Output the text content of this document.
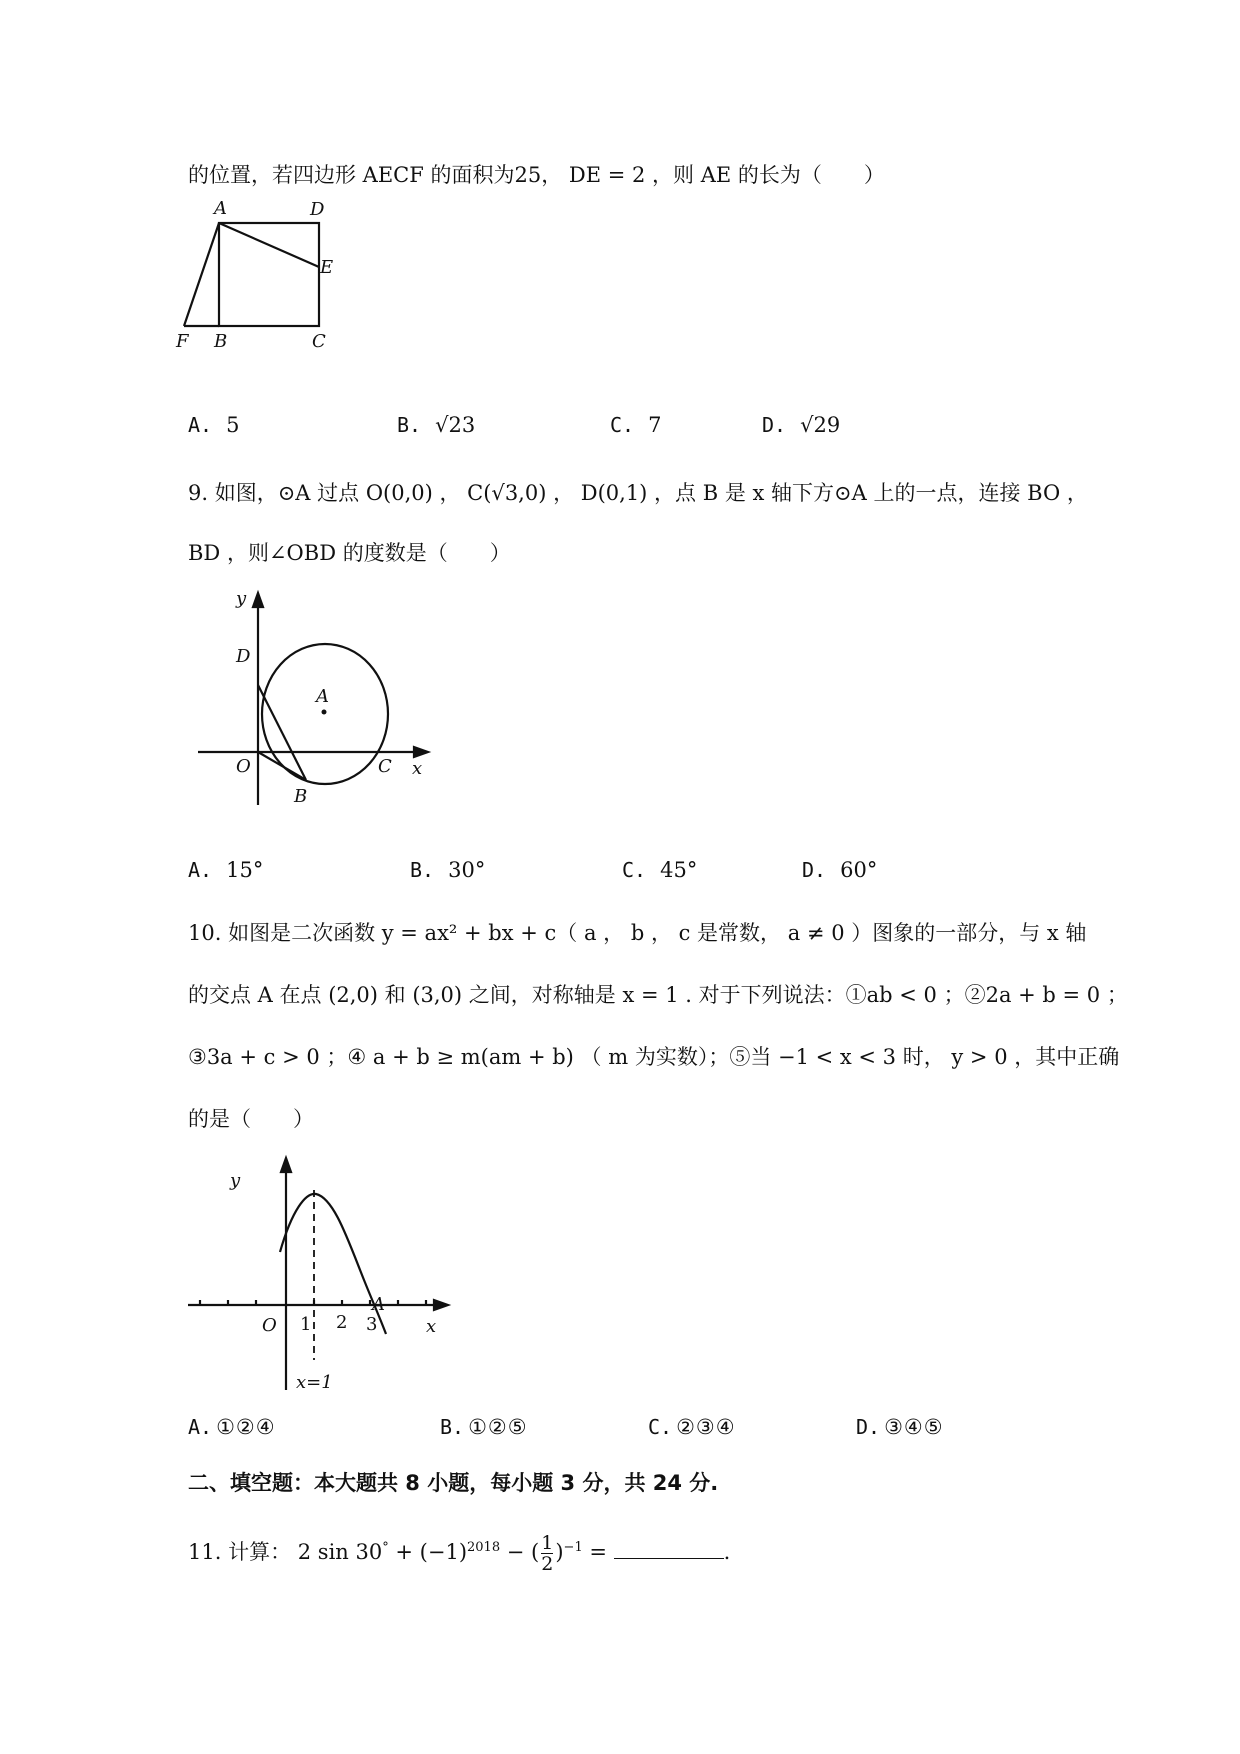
的位置，若四边形 AECF 的面积为25， DE = 2 ，则 AE 的长为（　　）
A	D
E
F B	C
A. 5	B. √23	C. 7	D. √29
9. 如图，⊙A 过点 O(0,0) ， C(√3,0) ， D(0,1) ，点 B 是 x 轴下方⊙A 上的一点，连接 BO ，
BD ，则∠OBD 的度数是（　　）
y
D
A
O	C x
B
A. 15°	B. 30°	C. 45°	D. 60°
10. 如图是二次函数 y = ax² + bx + c（ a ， b ， c 是常数， a ≠ 0 ）图象的一部分，与 x 轴
的交点 A 在点 (2,0) 和 (3,0) 之间，对称轴是 x = 1 . 对于下列说法：①ab < 0 ；②2a + b = 0 ；
③3a + c > 0 ；④ a + b ≥ m(am + b) （ m 为实数）；⑤当 −1 < x < 3 时， y > 0 ，其中正确
的是（　　）
y
O 1 2 3
A
x
x=1
A. ①②④	B. ①②⑤	C. ②③④	D. ③④⑤
二、填空题：本大题共 8 小题，每小题 3 分，共 24 分.
11. 计算： 2 $\sin 30^\circ + (-1)^{2018}$ − ( $\frac{1}{2} )^{-1}$ =	.
